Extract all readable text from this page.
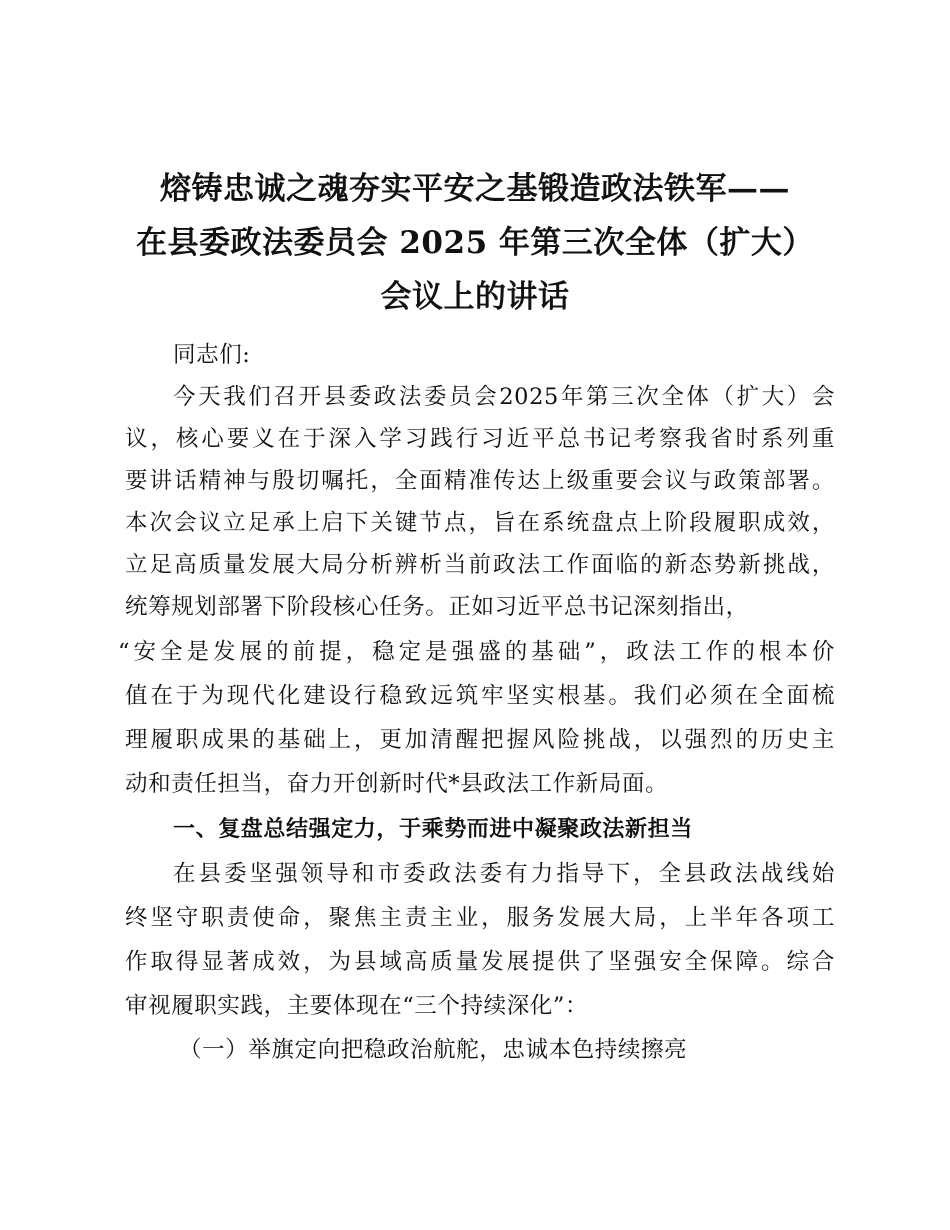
熔铸忠诚之魂夯实平安之基锻造政法铁军——
在县委政法委员会 2025 年第三次全体（扩大）
会议上的讲话
同志们:
今天我们召开县委政法委员会2025年第三次全体（扩大）会
议，核心要义在于深入学习践行习近平总书记考察我省时系列重
要讲话精神与殷切嘱托，全面精准传达上级重要会议与政策部署。
本次会议立足承上启下关键节点，旨在系统盘点上阶段履职成效，
立足高质量发展大局分析辨析当前政法工作面临的新态势新挑战，
统筹规划部署下阶段核心任务。正如习近平总书记深刻指出，
“安全是发展的前提，稳定是强盛的基础”，政法工作的根本价
值在于为现代化建设行稳致远筑牢坚实根基。我们必须在全面梳
理履职成果的基础上，更加清醒把握风险挑战，以强烈的历史主
动和责任担当，奋力开创新时代*县政法工作新局面。
一、复盘总结强定力，于乘势而进中凝聚政法新担当
在县委坚强领导和市委政法委有力指导下，全县政法战线始
终坚守职责使命，聚焦主责主业，服务发展大局，上半年各项工
作取得显著成效，为县域高质量发展提供了坚强安全保障。综合
审视履职实践，主要体现在“三个持续深化”：
（一）举旗定向把稳政治航舵，忠诚本色持续擦亮
